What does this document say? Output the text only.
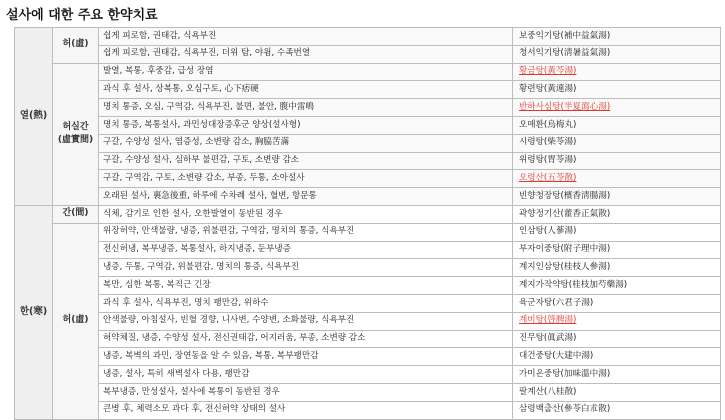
설사에 대한 주요 한약치료
열(熱)	허(虛)	쉽게 피로함, 권태감, 식욕부진	보중익기탕(補中益氣湯)
		쉽게 피로함, 권태감, 식욕부진, 더위 탐, 야윔, 수족번열	청서익기탕(淸暑益氣湯)
	허실간
(虛實間)	발열, 복통, 후중감, 급성 장염	황금탕(黃芩湯)
		과식 후 설사, 상복통, 오심구토, 心下痞硬	황련탕(黃連湯)
		명치 통증, 오심, 구역감, 식욕부진, 불면, 불안, 腹中雷鳴	반하사심탕(半夏瀉心湯)
		명치 통증, 복통설사, 과민성대장증후군 양상(설사형)	오매환(烏梅丸)
		구갈, 수양성 설사, 염증성, 소변량 감소, 胸脇苦滿	시령탕(柴苓湯)
		구갈, 수양성 설사, 심하부 불편감, 구토, 소변량 감소	위령탕(胃苓湯)
		구갈, 구역감, 구토, 소변량 감소, 부종, 두통, 소아설사	오령산(五苓散)
		오래된 설사, 裏急後重, 하루에 수차례 설사, 혈변, 항문통	빈향청장탕(檳香淸腸湯)
한(寒)	간(間)	식체, 감기로 인한 설사, 오한발열이 동반된 경우	곽향정기산(藿香正氣散)
	허(虛)	위장허약, 안색불량, 냉증, 위불편감, 구역감, 명치의 통증, 식욕부진	인삼탕(人蔘湯)
		전신허냉, 복부냉증, 복통설사, 하지냉증, 둔부냉증	부자이중탕(附子理中湯)
		냉증, 두통, 구역감, 위불편감, 명치의 통증, 식욕부진	계지인삼탕(桂枝人參湯)
		복만, 심한 복통, 복직근 긴장	계지가작약탕(桂枝加芍藥湯)
		과식 후 설사, 식욕부진, 명치 팽만감, 위하수	육군자탕(六君子湯)
		안색불량, 아침설사, 빈혈 경향, 니사변, 수양변, 소화불량, 식욕부진	계비탕(啓脾湯)
		허약체질, 냉증, 수양성 설사, 전신권태감, 어지러움, 부종, 소변량 감소	진무탕(眞武湯)
		냉증, 복벽의 과민, 장연동을 알 수 있음, 복통, 복부팽만감	대건중탕(大建中湯)
		냉증, 설사, 특히 새벽설사 다용, 팽만감	가미온중탕(加味溫中湯)
		복부냉증, 만성설사, 설사에 복통이 동반된 경우	팔계산(八桂散)
		큰병 후, 체력소모 과다 후, 전신허약 상태의 설사	삼령백출산(參苓白朮散)
